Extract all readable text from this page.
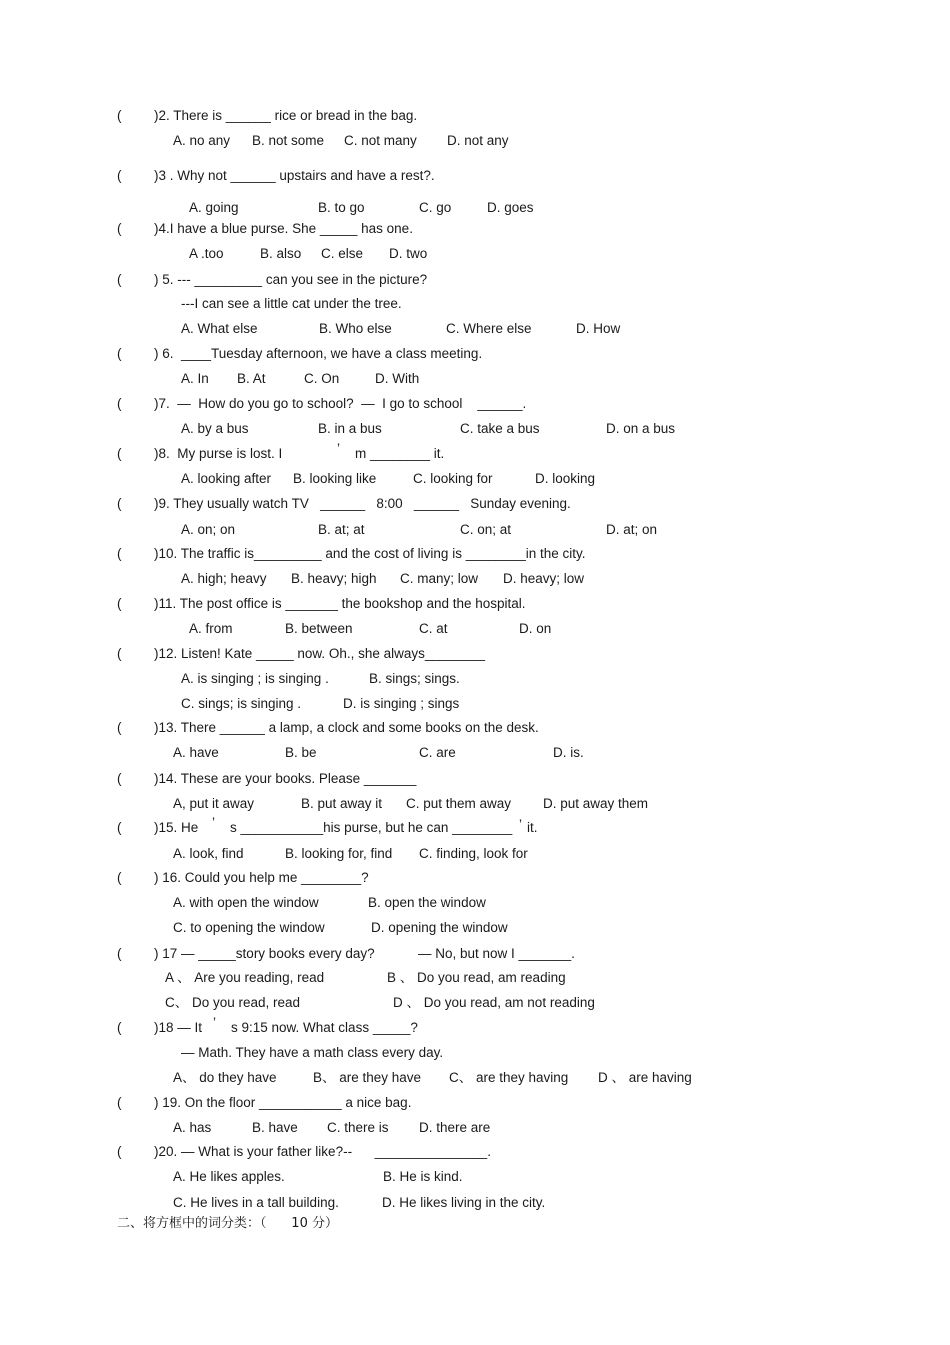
( )2. There is ______ rice or bread in the bag.
A. no any B. not some C. not many D. not any
( )3 . Why not ______ upstairs and have a rest?.
A. going	B. to go	C. go	D. goes
( )4.I have a blue purse. She _____ has one.
A .too	B. also C. else D. two
( ) 5. --- _________ can you see in the picture?
---I can see a little cat under the tree.
A. What else	B. Who else	C. Where else	D. How
( ) 6.  ____Tuesday afternoon, we have a class meeting.
A. In B. At	C. On	D. With
( )7.  —  How do you go to school?  —  I go to school    ______.
A. by a bus	B. in a bus	C. take a bus	D. on a bus
( )8.  My purse is lost. I	’ m ________ it.
A. looking after B. looking like	C. looking for	D. looking
( )9. They usually watch TV   ______   8:00   ______   Sunday evening.
A. on; on	B. at; at	C. on; at	D. at; on
( )10. The traffic is_________ and the cost of living is ________in the city.
A. high; heavy B. heavy; high C. many; low D. heavy; low
( )11. The post office is _______ the bookshop and the hospital.
A. from	B. between	C. at	D. on
( )12. Listen! Kate _____ now. Oh., she always________
A. is singing ; is singing .	B. sings; sings.
C. sings; is singing .	D. is singing ; sings
( )13. There ______ a lamp, a clock and some books on the desk.
A. have	B. be	C. are	D. is.
( )14. These are your books. Please _______
A, put it away	B. put away it C. put them away D. put away them
( )15. He ’ s ___________his purse, but he can ________ ’ it.
A. look, find	B. looking for, find C. finding, look for
( ) 16. Could you help me ________?
A. with open the window	B. open the window
C. to opening the window	D. opening the window
( ) 17 — _____story books every day?	— No, but now I _______.
A 、 Are you reading, read	B 、 Do you read, am reading
C、 Do you read, read	D 、 Do you read, am not reading
( )18 — It ’ s 9:15 now. What class _____?
— Math. They have a math class every day.
A、 do they have	B、 are they have C、 are they having D 、 are having
( ) 19. On the floor ___________ a nice bag.
A. has	B. have C. there is D. there are
( )20. — What is your father like?--      _______________.
A. He likes apples.	B. He is kind.
C. He lives in a tall building.	D. He likes living in the city.
二、将方框中的词分类：（      10 分）
